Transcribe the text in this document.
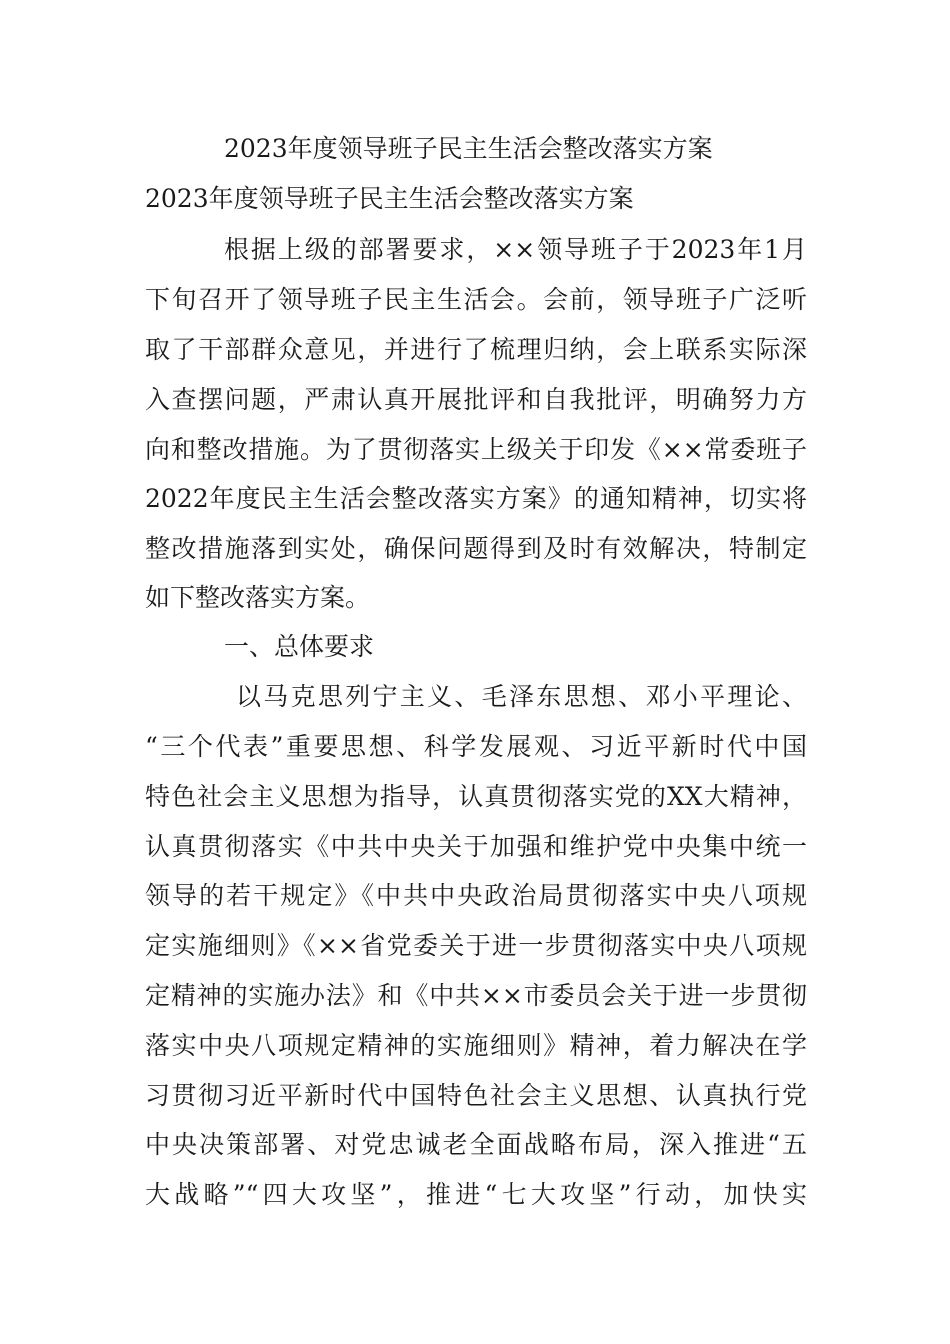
2023年度领导班子民主生活会整改落实方案
2023年度领导班子民主生活会整改落实方案
根据上级的部署要求，××领导班子于2023年1月
下旬召开了领导班子民主生活会。会前，领导班子广泛听
取了干部群众意见，并进行了梳理归纳，会上联系实际深
入查摆问题，严肃认真开展批评和自我批评，明确努力方
向和整改措施。为了贯彻落实上级关于印发《××常委班子
2022年度民主生活会整改落实方案》的通知精神，切实将
整改措施落到实处，确保问题得到及时有效解决，特制定
如下整改落实方案。
一、总体要求
以马克思列宁主义、毛泽东思想、邓小平理论、
“三个代表”重要思想、科学发展观、习近平新时代中国
特色社会主义思想为指导，认真贯彻落实党的XX大精神，
认真贯彻落实《中共中央关于加强和维护党中央集中统一
领导的若干规定》《中共中央政治局贯彻落实中央八项规
定实施细则》《××省党委关于进一步贯彻落实中央八项规
定精神的实施办法》和《中共××市委员会关于进一步贯彻
落实中央八项规定精神的实施细则》精神，着力解决在学
习贯彻习近平新时代中国特色社会主义思想、认真执行党
中央决策部署、对党忠诚老全面战略布局，深入推进“五
大战略”“四大攻坚”，推进“七大攻坚”行动，加快实
